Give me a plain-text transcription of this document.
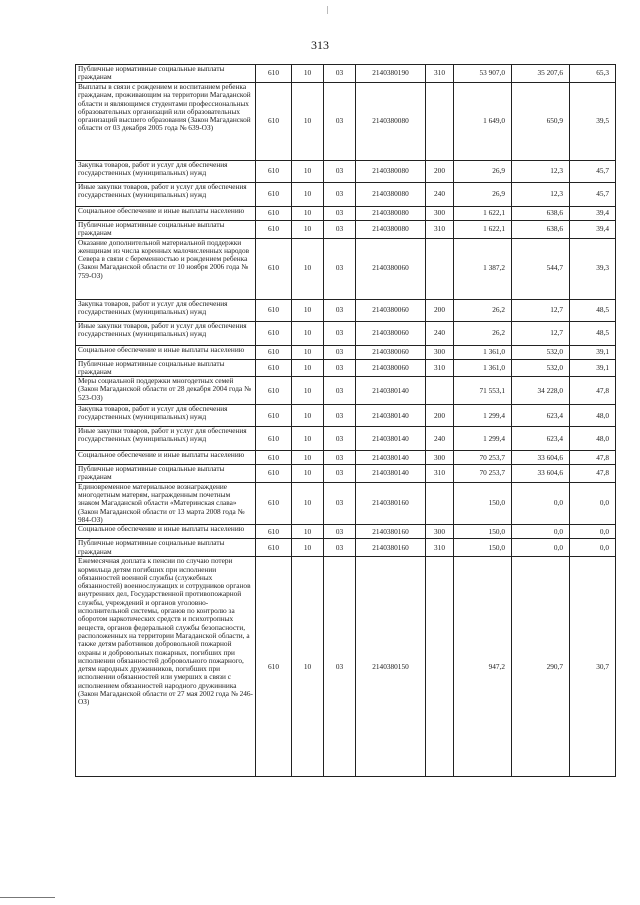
313
Публичные нормативные социальные выплаты гражданам	610	10	03	2140380190	310	53 907,0	35 207,6	65,3
Выплаты в связи с рождением и воспитанием ребенка гражданам, проживающим на территории Магаданской области и являющимся студентами профессиональных образовательных организаций или образовательных организаций высшего образования (Закон Магаданской области от 03 декабря 2005 года № 639-ОЗ)	610	10	03	2140380080		1 649,0	650,9	39,5
Закупка товаров, работ и услуг для обеспечения государственных (муниципальных) нужд	610	10	03	2140380080	200	26,9	12,3	45,7
Иные закупки товаров, работ и услуг для обеспечения государственных (муниципальных) нужд	610	10	03	2140380080	240	26,9	12,3	45,7
Социальное обеспечение и иные выплаты населению	610	10	03	2140380080	300	1 622,1	638,6	39,4
Публичные нормативные социальные выплаты гражданам	610	10	03	2140380080	310	1 622,1	638,6	39,4
Оказание дополнительной материальной поддержки женщинам из числа коренных малочисленных народов Севера в связи с беременностью и рождением ребенка (Закон Магаданской области от 10 ноября 2006 года № 759-ОЗ)	610	10	03	2140380060		1 387,2	544,7	39,3
Закупка товаров, работ и услуг для обеспечения государственных (муниципальных) нужд	610	10	03	2140380060	200	26,2	12,7	48,5
Иные закупки товаров, работ и услуг для обеспечения государственных (муниципальных) нужд	610	10	03	2140380060	240	26,2	12,7	48,5
Социальное обеспечение и иные выплаты населению	610	10	03	2140380060	300	1 361,0	532,0	39,1
Публичные нормативные социальные выплаты гражданам	610	10	03	2140380060	310	1 361,0	532,0	39,1
Меры социальной поддержки многодетных семей (Закон Магаданской области от 28 декабря 2004 года № 523-ОЗ)	610	10	03	2140380140		71 553,1	34 228,0	47,8
Закупка товаров, работ и услуг для обеспечения государственных (муниципальных) нужд	610	10	03	2140380140	200	1 299,4	623,4	48,0
Иные закупки товаров, работ и услуг для обеспечения государственных (муниципальных) нужд	610	10	03	2140380140	240	1 299,4	623,4	48,0
Социальное обеспечение и иные выплаты населению	610	10	03	2140380140	300	70 253,7	33 604,6	47,8
Публичные нормативные социальные выплаты гражданам	610	10	03	2140380140	310	70 253,7	33 604,6	47,8
Единовременное материальное вознаграждение многодетным матерям, награжденным почетным знаком Магаданской области «Материнская слава» (Закон Магаданской области от 13 марта 2008 года № 984-ОЗ)	610	10	03	2140380160		150,0	0,0	0,0
Социальное обеспечение и иные выплаты населению	610	10	03	2140380160	300	150,0	0,0	0,0
Публичные нормативные социальные выплаты гражданам	610	10	03	2140380160	310	150,0	0,0	0,0
Ежемесячная доплата к пенсии по случаю потери кормильца детям погибших при исполнении обязанностей военной службы (служебных обязанностей) военнослужащих и сотрудников органов внутренних дел, Государственной противопожарной службы, учреждений и органов уголовно-исполнительной системы, органов по контролю за оборотом наркотических средств и психотропных веществ, органов федеральной службы безопасности, расположенных на территории Магаданской области, а также детям работников добровольной пожарной охраны и добровольных пожарных, погибших при исполнении обязанностей добровольного пожарного, детям народных дружинников, погибших при исполнении обязанностей или умерших в связи с исполнением обязанностей народного дружинника (Закон Магаданской области от 27 мая 2002 года № 246-ОЗ)	610	10	03	2140380150		947,2	290,7	30,7
